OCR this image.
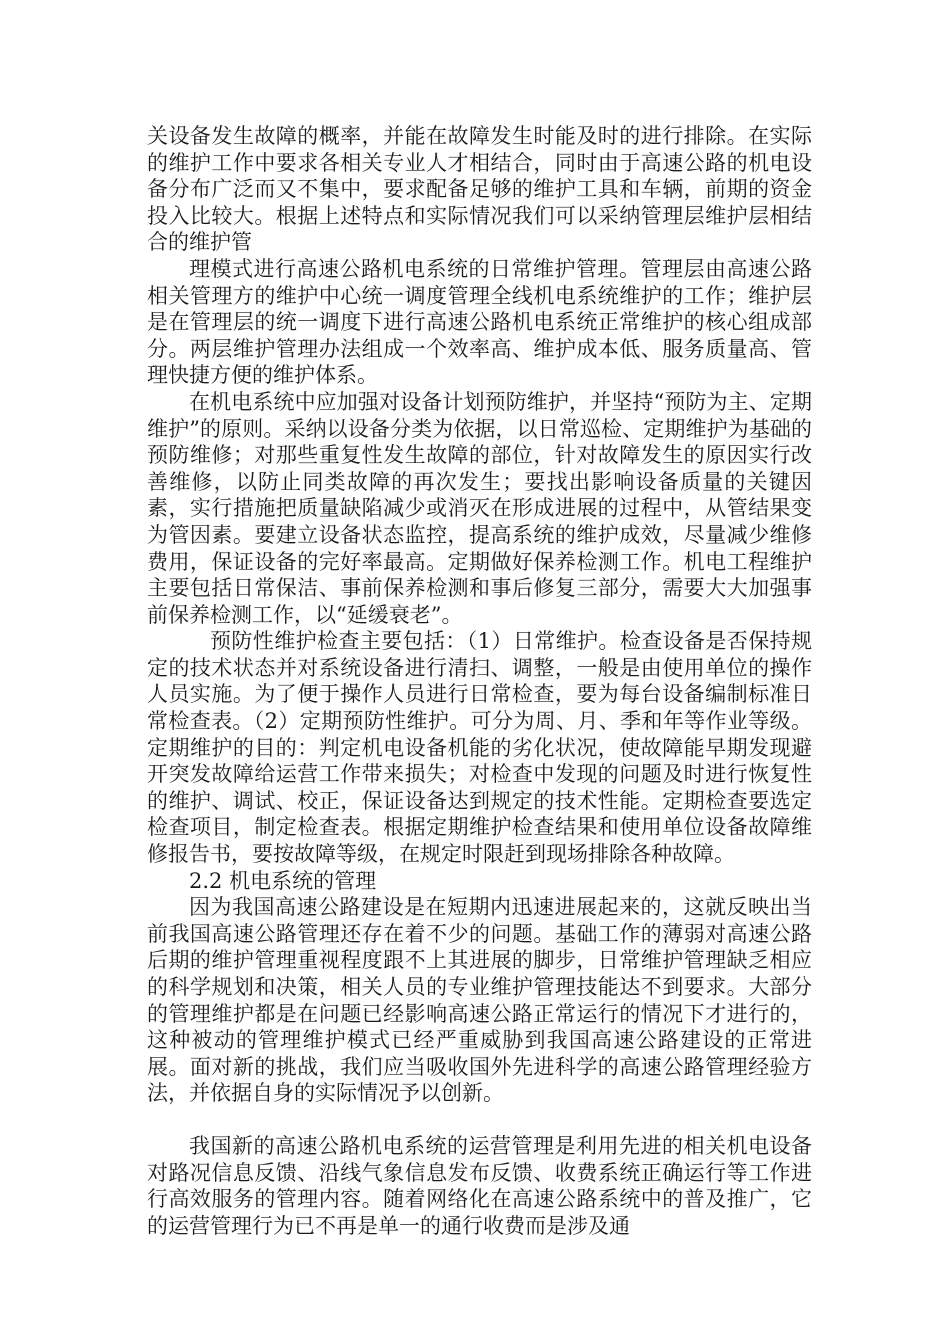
关设备发生故障的概率，并能在故障发生时能及时的进行排除。在实际的维护工作中要求各相关专业人才相结合，同时由于高速公路的机电设备分布广泛而又不集中，要求配备足够的维护工具和车辆，前期的资金投入比较大。根据上述特点和实际情况我们可以采纳管理层维护层相结合的维护管

理模式进行高速公路机电系统的日常维护管理。管理层由高速公路相关管理方的维护中心统一调度管理全线机电系统维护的工作；维护层是在管理层的统一调度下进行高速公路机电系统正常维护的核心组成部分。两层维护管理办法组成一个效率高、维护成本低、服务质量高、管理快捷方便的维护体系。

在机电系统中应加强对设备计划预防维护，并坚持“预防为主、定期维护”的原则。采纳以设备分类为依据，以日常巡检、定期维护为基础的预防维修；对那些重复性发生故障的部位，针对故障发生的原因实行改善维修，以防止同类故障的再次发生；要找出影响设备质量的关键因素，实行措施把质量缺陷减少或消灭在形成进展的过程中，从管结果变为管因素。要建立设备状态监控，提高系统的维护成效，尽量减少维修费用，保证设备的完好率最高。定期做好保养检测工作。机电工程维护主要包括日常保洁、事前保养检测和事后修复三部分，需要大大加强事前保养检测工作，以“延缓衰老”。

预防性维护检查主要包括：（1）日常维护。检查设备是否保持规定的技术状态并对系统设备进行清扫、调整，一般是由使用单位的操作人员实施。为了便于操作人员进行日常检查，要为每台设备编制标准日常检查表。（2）定期预防性维护。可分为周、月、季和年等作业等级。定期维护的目的：判定机电设备机能的劣化状况，使故障能早期发现避开突发故障给运营工作带来损失；对检查中发现的问题及时进行恢复性的维护、调试、校正，保证设备达到规定的技术性能。定期检查要选定检查项目，制定检查表。根据定期维护检查结果和使用单位设备故障维修报告书，要按故障等级，在规定时限赶到现场排除各种故障。

2.2 机电系统的管理

因为我国高速公路建设是在短期内迅速进展起来的，这就反映出当前我国高速公路管理还存在着不少的问题。基础工作的薄弱对高速公路后期的维护管理重视程度跟不上其进展的脚步，日常维护管理缺乏相应的科学规划和决策，相关人员的专业维护管理技能达不到要求。大部分的管理维护都是在问题已经影响高速公路正常运行的情况下才进行的，这种被动的管理维护模式已经严重威胁到我国高速公路建设的正常进展。面对新的挑战，我们应当吸收国外先进科学的高速公路管理经验方法，并依据自身的实际情况予以创新。

我国新的高速公路机电系统的运营管理是利用先进的相关机电设备对路况信息反馈、沿线气象信息发布反馈、收费系统正确运行等工作进行高效服务的管理内容。随着网络化在高速公路系统中的普及推广，它的运营管理行为已不再是单一的通行收费而是涉及通
